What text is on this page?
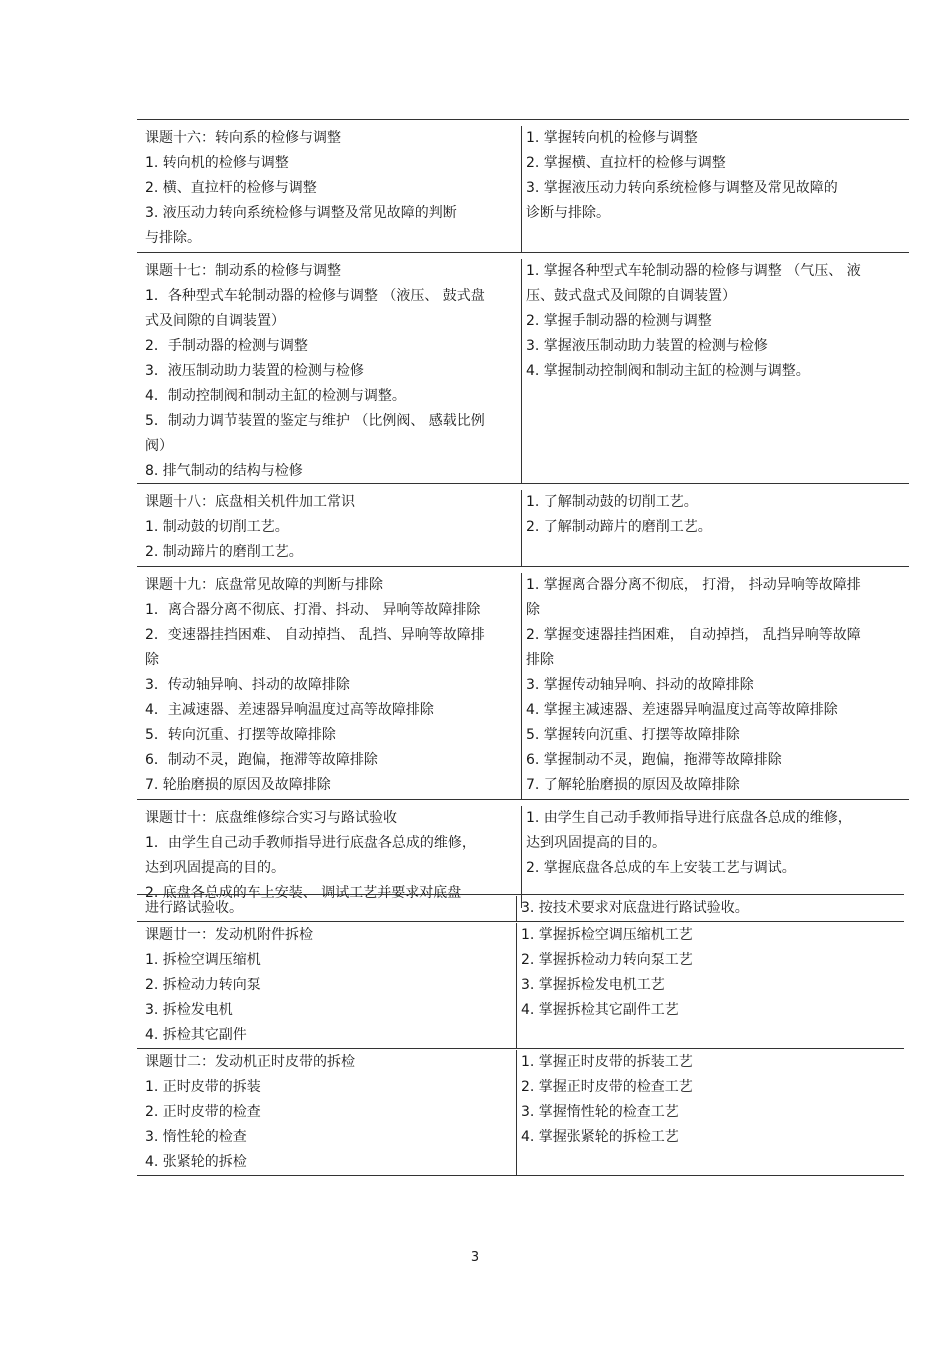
课题十六：转向系的检修与调整
1. 转向机的检修与调整
2. 横、直拉杆的检修与调整
3. 液压动力转向系统检修与调整及常见故障的判断
与排除。
1. 掌握转向机的检修与调整
2. 掌握横、直拉杆的检修与调整
3. 掌握液压动力转向系统检修与调整及常见故障的
诊断与排除。
课题十七：制动系的检修与调整
1．各种型式车轮制动器的检修与调整 （液压、 鼓式盘
式及间隙的自调装置）
2．手制动器的检测与调整
3．液压制动助力装置的检测与检修
4．制动控制阀和制动主缸的检测与调整。
5．制动力调节装置的鉴定与维护 （比例阀、 感载比例
阀）
8. 排气制动的结构与检修
1. 掌握各种型式车轮制动器的检修与调整 （气压、 液
压、鼓式盘式及间隙的自调装置）
2. 掌握手制动器的检测与调整
3. 掌握液压制动助力装置的检测与检修
4. 掌握制动控制阀和制动主缸的检测与调整。
课题十八：底盘相关机件加工常识
1. 制动鼓的切削工艺。
2. 制动蹄片的磨削工艺。
1. 了解制动鼓的切削工艺。
2. 了解制动蹄片的磨削工艺。
课题十九：底盘常见故障的判断与排除
1．离合器分离不彻底、打滑、抖动、 异响等故障排除
2．变速器挂挡困难、 自动掉挡、 乱挡、异响等故障排
除
3．传动轴异响、抖动的故障排除
4．主减速器、差速器异响温度过高等故障排除
5．转向沉重、打摆等故障排除
6．制动不灵，跑偏，拖滞等故障排除
7. 轮胎磨损的原因及故障排除
1. 掌握离合器分离不彻底， 打滑， 抖动异响等故障排
除
2. 掌握变速器挂挡困难， 自动掉挡， 乱挡异响等故障
排除
3. 掌握传动轴异响、抖动的故障排除
4. 掌握主减速器、差速器异响温度过高等故障排除
5. 掌握转向沉重、打摆等故障排除
6. 掌握制动不灵，跑偏，拖滞等故障排除
7. 了解轮胎磨损的原因及故障排除
课题廿十：底盘维修综合实习与路试验收
1．由学生自己动手教师指导进行底盘各总成的维修，
达到巩固提高的目的。
2. 底盘各总成的车上安装、 调试工艺并要求对底盘
1. 由学生自己动手教师指导进行底盘各总成的维修，
达到巩固提高的目的。
2. 掌握底盘各总成的车上安装工艺与调试。
进行路试验收。	3. 按技术要求对底盘进行路试验收。
课题廿一：发动机附件拆检
1. 拆检空调压缩机
2. 拆检动力转向泵
3. 拆检发电机
4. 拆检其它副件
1. 掌握拆检空调压缩机工艺
2. 掌握拆检动力转向泵工艺
3. 掌握拆检发电机工艺
4. 掌握拆检其它副件工艺
课题廿二：发动机正时皮带的拆检
1. 正时皮带的拆装
2. 正时皮带的检查
3. 惰性轮的检查
4. 张紧轮的拆检
1. 掌握正时皮带的拆装工艺
2. 掌握正时皮带的检查工艺
3. 掌握惰性轮的检查工艺
4. 掌握张紧轮的拆检工艺
3
